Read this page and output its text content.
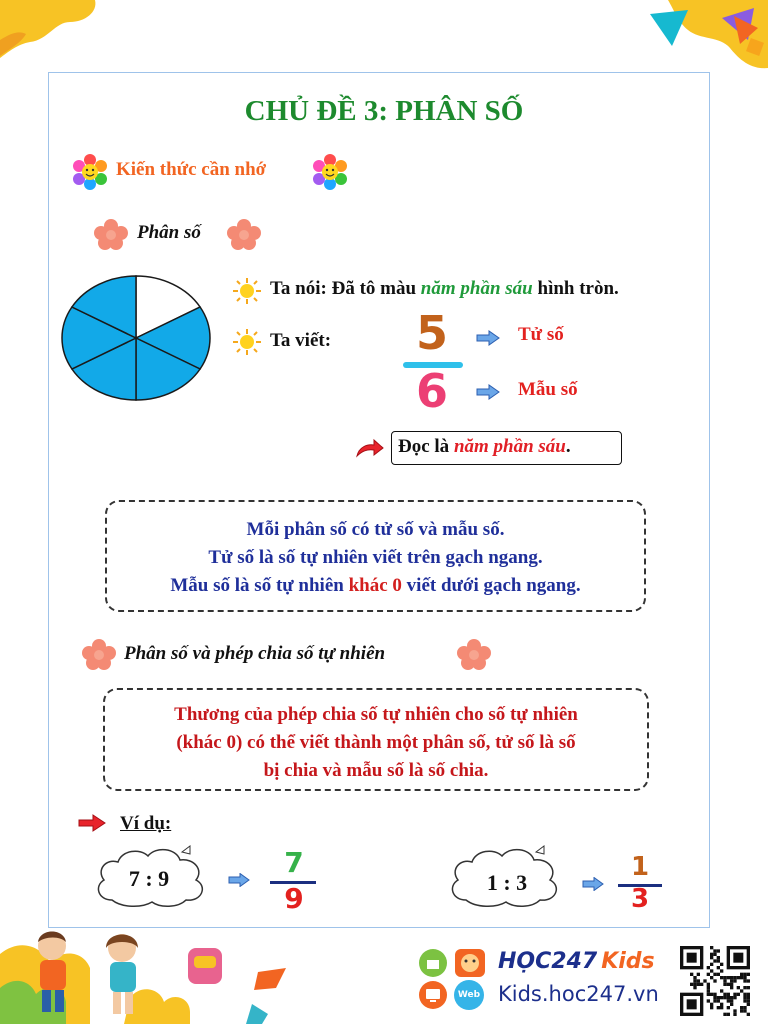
CHỦ ĐỀ 3: PHÂN SỐ
Kiến thức cần nhớ
Phân số
Ta nói: Đã tô màu năm phần sáu hình tròn.
Ta viết: 5
6
Tử số
Mẫu số
Đọc là năm phần sáu.
Mỗi phân số có tử số và mẫu số.
Tử số là số tự nhiên viết trên gạch ngang.
Mẫu số là số tự nhiên khác 0 viết dưới gạch ngang.
Phân số và phép chia số tự nhiên
Thương của phép chia số tự nhiên cho số tự nhiên
(khác 0) có thể viết thành một phân số, tử số là số
bị chia và mẫu số là số chia.
Ví dụ:
7 : 9	7
9	1 : 3
1
3
HỌC247 Kids
Web Kids.hoc247.vn
